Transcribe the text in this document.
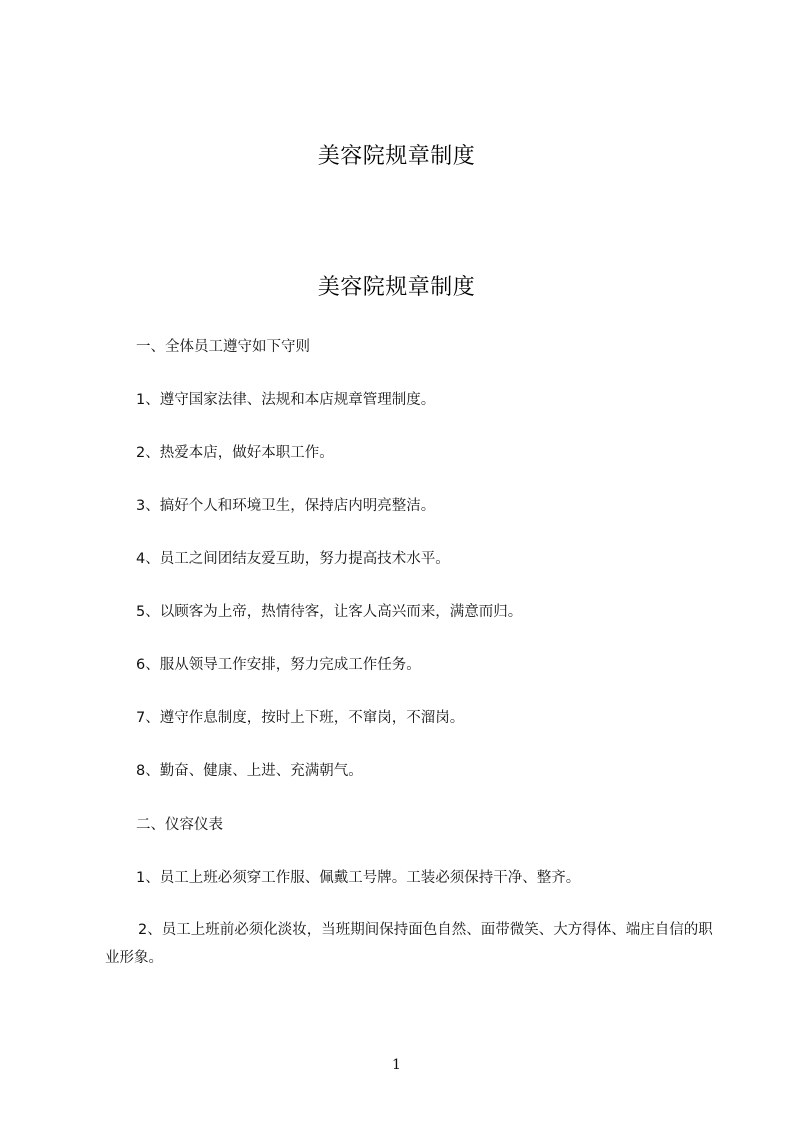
美容院规章制度
美容院规章制度
一、全体员工遵守如下守则
1、遵守国家法律、法规和本店规章管理制度。
2、热爱本店，做好本职工作。
3、搞好个人和环境卫生，保持店内明亮整洁。
4、员工之间团结友爱互助，努力提高技术水平。
5、以顾客为上帝，热情待客，让客人高兴而来，满意而归。
6、服从领导工作安排，努力完成工作任务。
7、遵守作息制度，按时上下班，不窜岗，不溜岗。
8、勤奋、健康、上进、充满朝气。
二、仪容仪表
1、员工上班必须穿工作服、佩戴工号牌。工装必须保持干净、整齐。
2、员工上班前必须化淡妆，当班期间保持面色自然、面带微笑、大方得体、端庄自信的职业形象。
1
